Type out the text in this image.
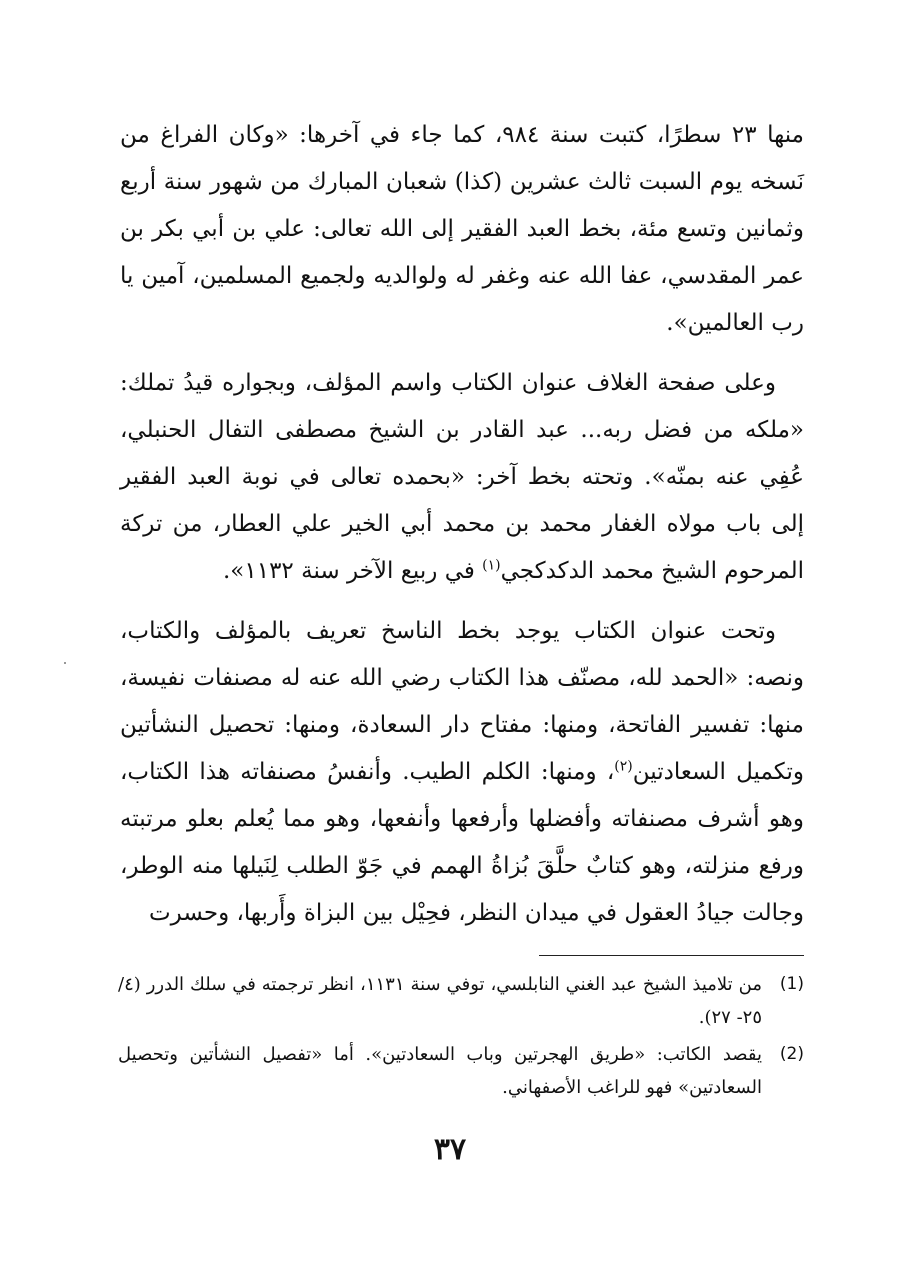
منها ٢٣ سطرًا، كتبت سنة ٩٨٤، كما جاء في آخرها: «وكان الفراغ من نَسخه يوم السبت ثالث عشرين (كذا) شعبان المبارك من شهور سنة أربع وثمانين وتسع مئة، بخط العبد الفقير إلى الله تعالى: علي بن أبي بكر بن عمر المقدسي، عفا الله عنه وغفر له ولوالديه ولجميع المسلمين، آمين يا رب العالمين».

وعلى صفحة الغلاف عنوان الكتاب واسم المؤلف، وبجواره قيدُ تملك: «ملكه من فضل ربه... عبد القادر بن الشيخ مصطفى التفال الحنبلي، عُفِي عنه بمنّه». وتحته بخط آخر: «بحمده تعالى في نوبة العبد الفقير إلى باب مولاه الغفار محمد بن محمد أبي الخير علي العطار، من تركة المرحوم الشيخ محمد الدكدكجي$^{(١)}$ في ربيع الآخر سنة ١١٣٢».

وتحت عنوان الكتاب يوجد بخط الناسخ تعريف بالمؤلف والكتاب، ونصه: «الحمد لله، مصنّف هذا الكتاب رضي الله عنه له مصنفات نفيسة، منها: تفسير الفاتحة، ومنها: مفتاح دار السعادة، ومنها: تحصيل النشأتين وتكميل السعادتين$^{(٢)}$، ومنها: الكلم الطيب. وأنفسُ مصنفاته هذا الكتاب، وهو أشرف مصنفاته وأفضلها وأرفعها وأنفعها، وهو مما يُعلم بعلو مرتبته ورفع منزلته، وهو كتابٌ حلَّقَ بُزاةُ الهمم في جَوّ الطلب لِنَيلها منه الوطر، وجالت جيادُ العقول في ميدان النظر، فحِيْل بين البزاة وأَربها، وحسرت

(1)
من تلاميذ الشيخ عبد الغني النابلسي، توفي سنة ١١٣١، انظر ترجمته في سلك الدرر (٤/ ٢٥- ٢٧).
(2)
يقصد الكاتب: «طريق الهجرتين وباب السعادتين». أما «تفصيل النشأتين وتحصيل السعادتين» فهو للراغب الأصفهاني.
٣٧
